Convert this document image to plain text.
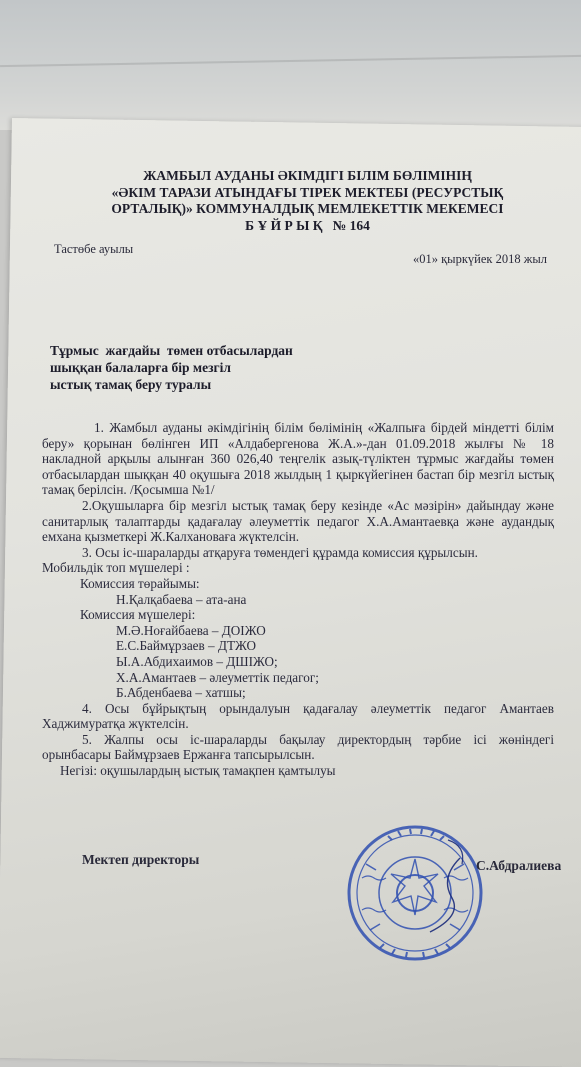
ЖАМБЫЛ АУДАНЫ ӘКІМДІГІ БІЛІМ БӨЛІМІНІҢ
«ӘКІМ ТАРАЗИ АТЫНДАҒЫ ТІРЕК МЕКТЕБІ (РЕСУРСТЫҚ
ОРТАЛЫҚ)» КОММУНАЛДЫҚ МЕМЛЕКЕТТІК МЕКЕМЕСІ
Б Ұ Й Р Ы Қ   № 164
Тастөбе ауылы
«01» қыркүйек 2018 жыл
Тұрмыс  жағдайы  төмен отбасылардан
шыққан балаларға бір мезгіл
ыстық тамақ беру туралы

1. Жамбыл ауданы әкімдігінің білім бөлімінің «Жалпыға бірдей міндетті білім беру» қорынан бөлінген ИП «Алдабергенова Ж.А.»-дан 01.09.2018 жылғы № 18 накладной арқылы алынған 360 026,40 теңгелік азық-түліктен тұрмыс жағдайы төмен отбасылардан шыққан 40 оқушыға 2018 жылдың 1 қыркүйегінен бастап бір мезгіл ыстық тамақ берілсін. /Қосымша №1/

2.Оқушыларға бір мезгіл ыстық тамақ беру кезінде «Ас мәзірін» дайындау және санитарлық талаптарды қадағалау әлеуметтік педагог Х.А.Амантаевқа және аудандық емхана қызметкері Ж.Калхановаға жүктелсін.

3. Осы іс-шараларды атқаруға төмендегі құрамда комиссия құрылсын.

Мобильдік топ мүшелері :

Комиссия төрайымы:

Н.Қалқабаева – ата-ана

Комиссия мүшелері:

М.Ә.Ноғайбаева – ДОІЖО

Е.С.Баймұрзаев – ДТЖО

Ы.А.Абдихаимов – ДШІЖО;

Х.А.Амантаев – әлеуметтік педагог;

Б.Абденбаева – хатшы;

4. Осы бұйрықтың орындалуын қадағалау әлеуметтік педагог Амантаев Хаджимуратқа жүктелсін.

5. Жалпы осы іс-шараларды бақылау директордың тәрбие ісі жөніндегі орынбасары Баймұрзаев Ержанға тапсырылсын.

Негізі: оқушылардың ыстық тамақпен қамтылуы

Мектеп директоры	С.Абдралиева
